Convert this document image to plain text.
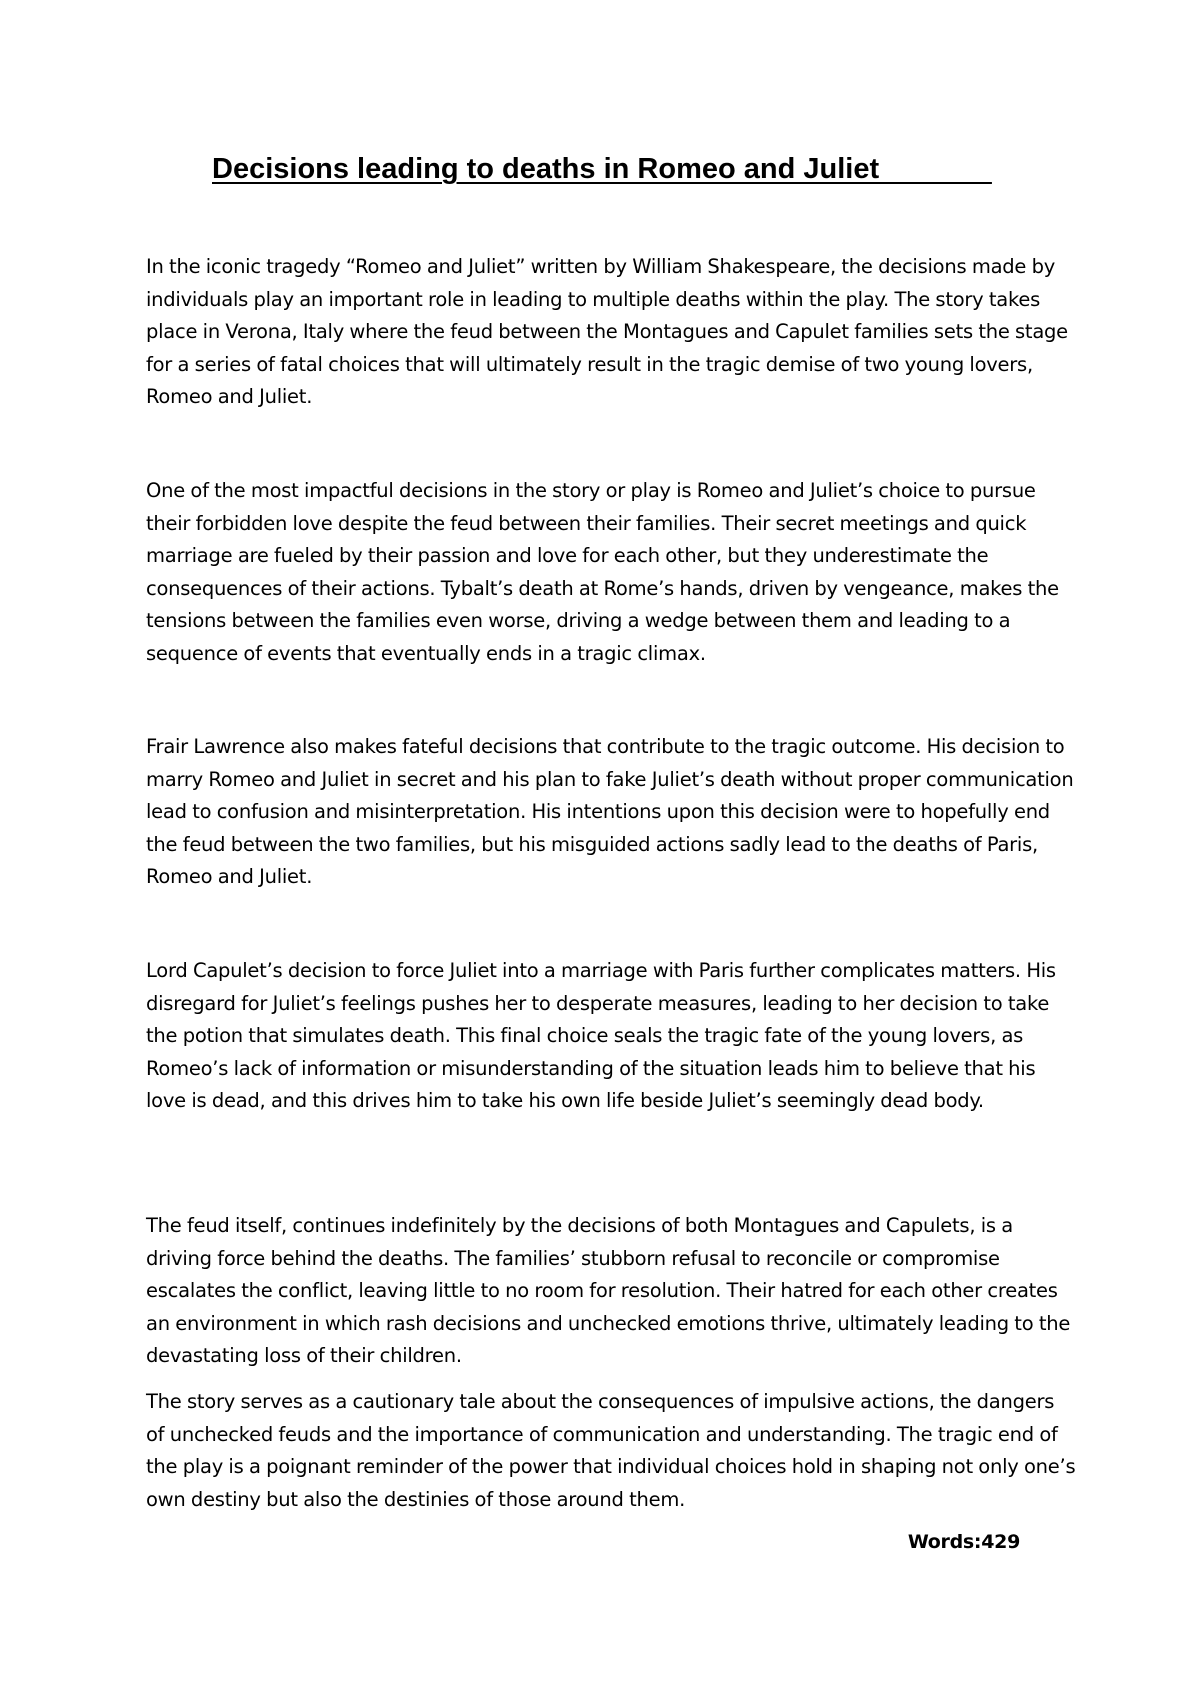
Decisions leading to deaths in Romeo and Juliet

In the iconic tragedy “Romeo and Juliet” written by William Shakespeare, the decisions made by individuals play an important role in leading to multiple deaths within the play. The story takes place in Verona, Italy where the feud between the Montagues and Capulet families sets the stage for a series of fatal choices that will ultimately result in the tragic demise of two young lovers, Romeo and Juliet.

One of the most impactful decisions in the story or play is Romeo and Juliet’s choice to pursue their forbidden love despite the feud between their families. Their secret meetings and quick marriage are fueled by their passion and love for each other, but they underestimate the consequences of their actions. Tybalt’s death at Rome’s hands, driven by vengeance, makes the tensions between the families even worse, driving a wedge between them and leading to a sequence of events that eventually ends in a tragic climax.

Frair Lawrence also makes fateful decisions that contribute to the tragic outcome. His decision to marry Romeo and Juliet in secret and his plan to fake Juliet’s death without proper communication lead to confusion and misinterpretation. His intentions upon this decision were to hopefully end the feud between the two families, but his misguided actions sadly lead to the deaths of Paris, Romeo and Juliet.

Lord Capulet’s decision to force Juliet into a marriage with Paris further complicates matters. His disregard for Juliet’s feelings pushes her to desperate measures, leading to her decision to take the potion that simulates death. This final choice seals the tragic fate of the young lovers, as Romeo’s lack of information or misunderstanding of the situation leads him to believe that his love is dead, and this drives him to take his own life beside Juliet’s seemingly dead body.

The feud itself, continues indefinitely by the decisions of both Montagues and Capulets, is a driving force behind the deaths. The families’ stubborn refusal to reconcile or compromise escalates the conflict, leaving little to no room for resolution. Their hatred for each other creates an environment in which rash decisions and unchecked emotions thrive, ultimately leading to the devastating loss of their children.

The story serves as a cautionary tale about the consequences of impulsive actions, the dangers of unchecked feuds and the importance of communication and understanding. The tragic end of the play is a poignant reminder of the power that individual choices hold in shaping not only one’s own destiny but also the destinies of those around them.

Words:429
